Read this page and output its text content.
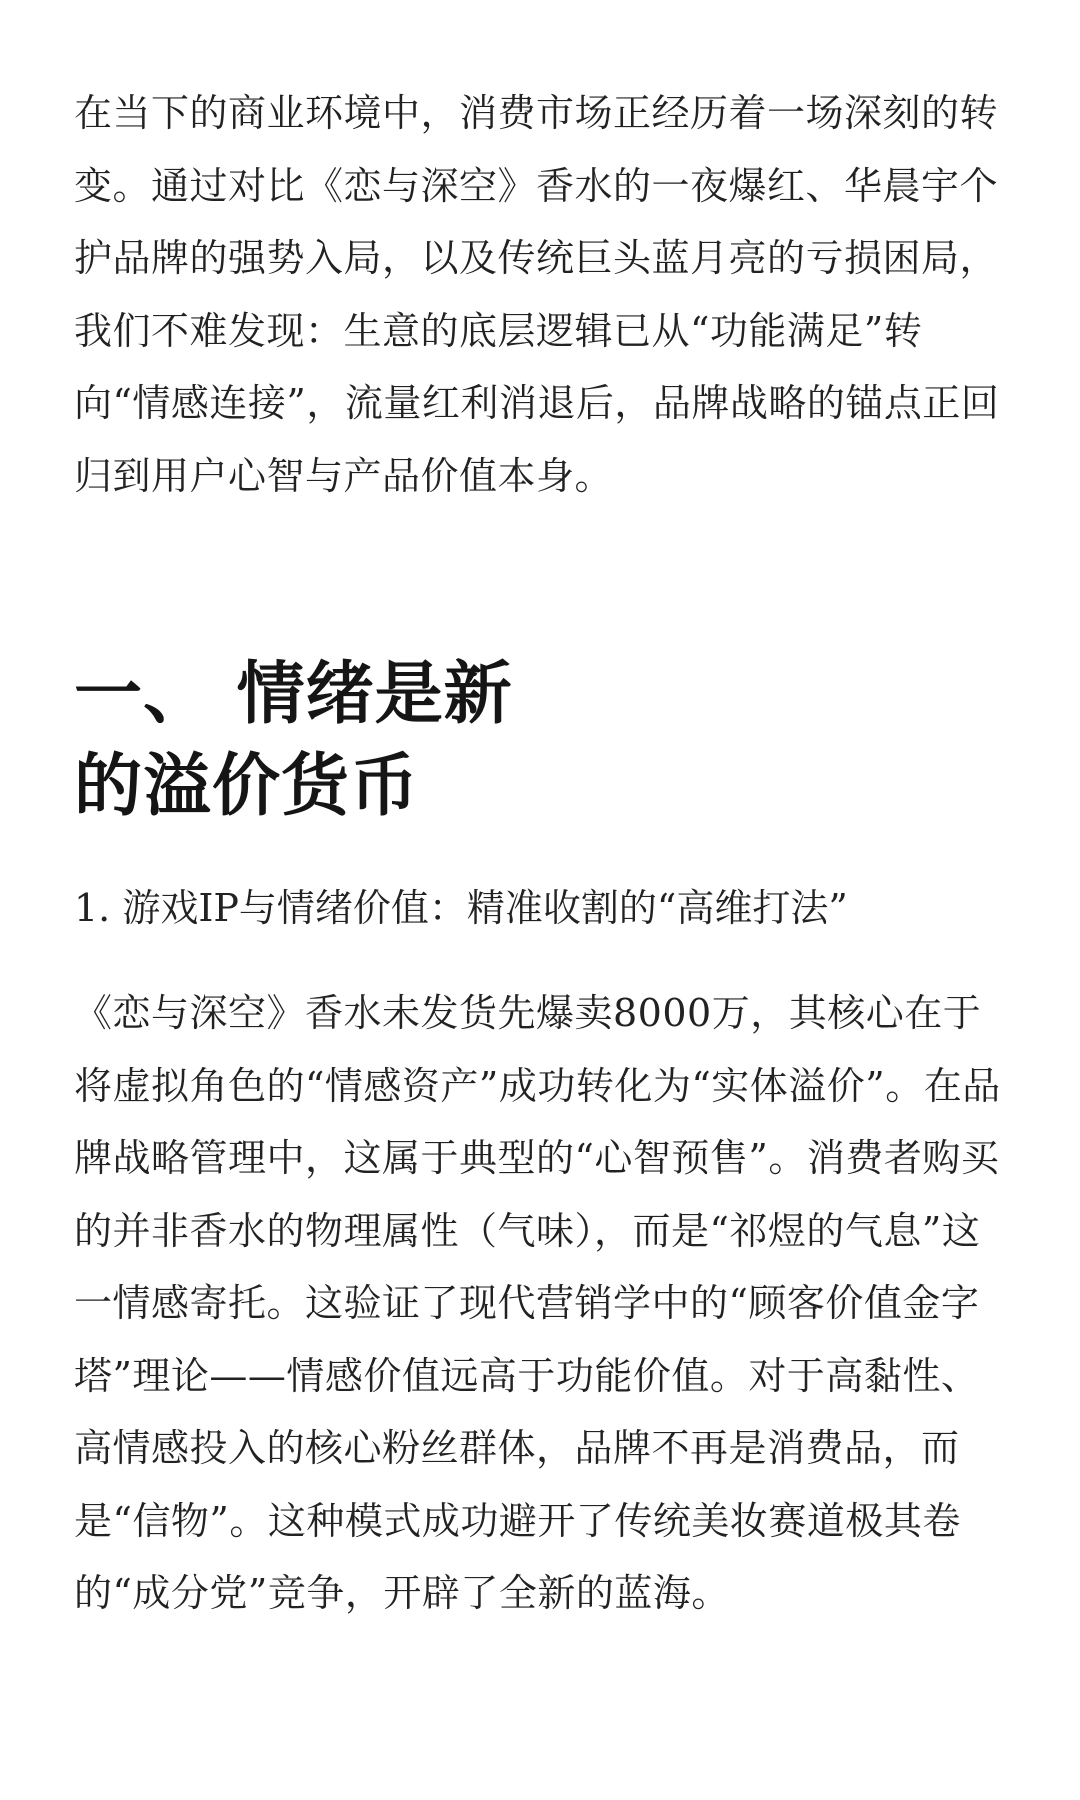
在当下的商业环境中，消费市场正经历着一场深刻的转变。通过对比《恋与深空》香水的一夜爆红、华晨宇个护品牌的强势入局，以及传统巨头蓝月亮的亏损困局，我们不难发现：生意的底层逻辑已从“功能满足”转向“情感连接”，流量红利消退后，品牌战略的锚点正回归到用户心智与产品价值本身。

一、 情绪是新的溢价货币
1. 游戏IP与情绪价值：精准收割的“高维打法”

《恋与深空》香水未发货先爆卖8000万，其核心在于将虚拟角色的“情感资产”成功转化为“实体溢价”。在品牌战略管理中，这属于典型的“心智预售”。消费者购买的并非香水的物理属性（气味），而是“祁煜的气息”这一情感寄托。这验证了现代营销学中的“顾客价值金字塔”理论——情感价值远高于功能价值。对于高黏性、高情感投入的核心粉丝群体，品牌不再是消费品，而是“信物”。这种模式成功避开了传统美妆赛道极其卷的“成分党”竞争，开辟了全新的蓝海。
